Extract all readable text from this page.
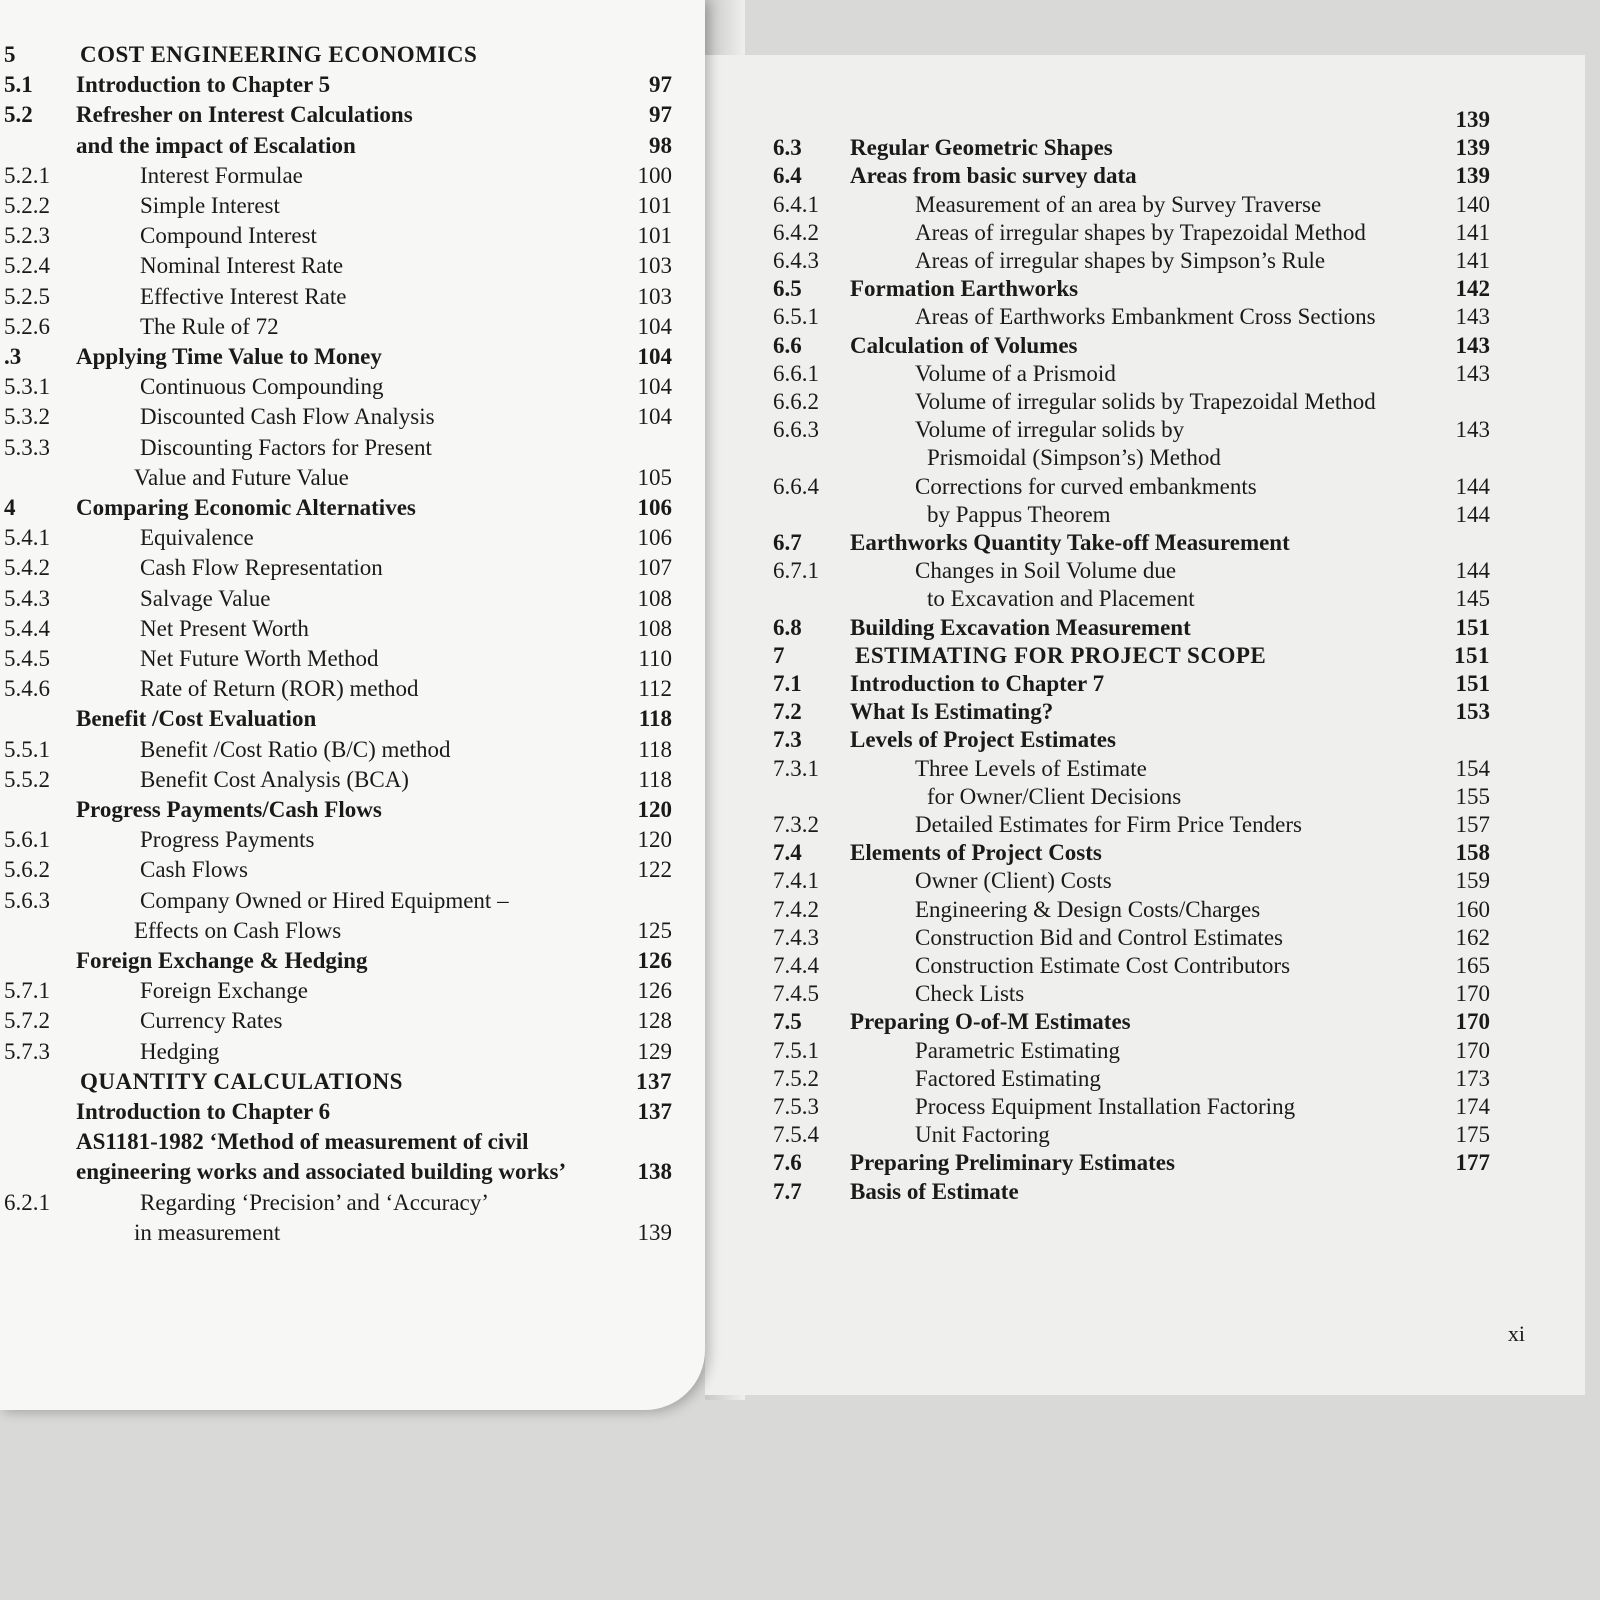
139
6.3 Regular Geometric Shapes	139
6.4 Areas from basic survey data	139
6.4.1	Measurement of an area by Survey Traverse	140
6.4.2	Areas of irregular shapes by Trapezoidal Method	141
6.4.3	Areas of irregular shapes by Simpson’s Rule	141
6.5 Formation Earthworks	142
6.5.1	Areas of Earthworks Embankment Cross Sections	143
6.6 Calculation of Volumes	143
6.6.1	Volume of a Prismoid	143
6.6.2	Volume of irregular solids by Trapezoidal Method
6.6.3	Volume of irregular solids by	143
Prismoidal (Simpson’s) Method
6.6.4	Corrections for curved embankments	144
by Pappus Theorem	144
6.7 Earthworks Quantity Take-off Measurement
6.7.1	Changes in Soil Volume due	144
to Excavation and Placement	145
6.8 Building Excavation Measurement	151
7	ESTIMATING FOR PROJECT SCOPE	151
7.1 Introduction to Chapter 7	151
7.2 What Is Estimating?	153
7.3 Levels of Project Estimates
7.3.1	Three Levels of Estimate	154
for Owner/Client Decisions	155
7.3.2	Detailed Estimates for Firm Price Tenders	157
7.4 Elements of Project Costs	158
7.4.1	Owner (Client) Costs	159
7.4.2	Engineering & Design Costs/Charges	160
7.4.3	Construction Bid and Control Estimates	162
7.4.4	Construction Estimate Cost Contributors	165
7.4.5	Check Lists	170
7.5 Preparing O-of-M Estimates	170
7.5.1	Parametric Estimating	170
7.5.2	Factored Estimating	173
7.5.3	Process Equipment Installation Factoring	174
7.5.4	Unit Factoring	175
7.6 Preparing Preliminary Estimates	177
7.7 Basis of Estimate
xi
5	COST ENGINEERING ECONOMICS
5.1 Introduction to Chapter 5	97
5.2 Refresher on Interest Calculations	97
and the impact of Escalation	98
5.2.1	Interest Formulae	100
5.2.2	Simple Interest	101
5.2.3	Compound Interest	101
5.2.4	Nominal Interest Rate	103
5.2.5	Effective Interest Rate	103
5.2.6	The Rule of 72	104
.3 Applying Time Value to Money	104
5.3.1	Continuous Compounding	104
5.3.2	Discounted Cash Flow Analysis	104
5.3.3	Discounting Factors for Present
Value and Future Value	105
4	Comparing Economic Alternatives	106
5.4.1	Equivalence	106
5.4.2	Cash Flow Representation	107
5.4.3	Salvage Value	108
5.4.4	Net Present Worth	108
5.4.5	Net Future Worth Method	110
5.4.6	Rate of Return (ROR) method	112
Benefit /Cost Evaluation	118
5.5.1	Benefit /Cost Ratio (B/C) method	118
5.5.2	Benefit Cost Analysis (BCA)	118
Progress Payments/Cash Flows	120
5.6.1	Progress Payments	120
5.6.2	Cash Flows	122
5.6.3	Company Owned or Hired Equipment –
Effects on Cash Flows	125
Foreign Exchange & Hedging	126
5.7.1	Foreign Exchange	126
5.7.2	Currency Rates	128
5.7.3	Hedging	129
QUANTITY CALCULATIONS	137
Introduction to Chapter 6	137
AS1181-1982 ‘Method of measurement of civil
engineering works and associated building works’	138
6.2.1	Regarding ‘Precision’ and ‘Accuracy’
in measurement	139
